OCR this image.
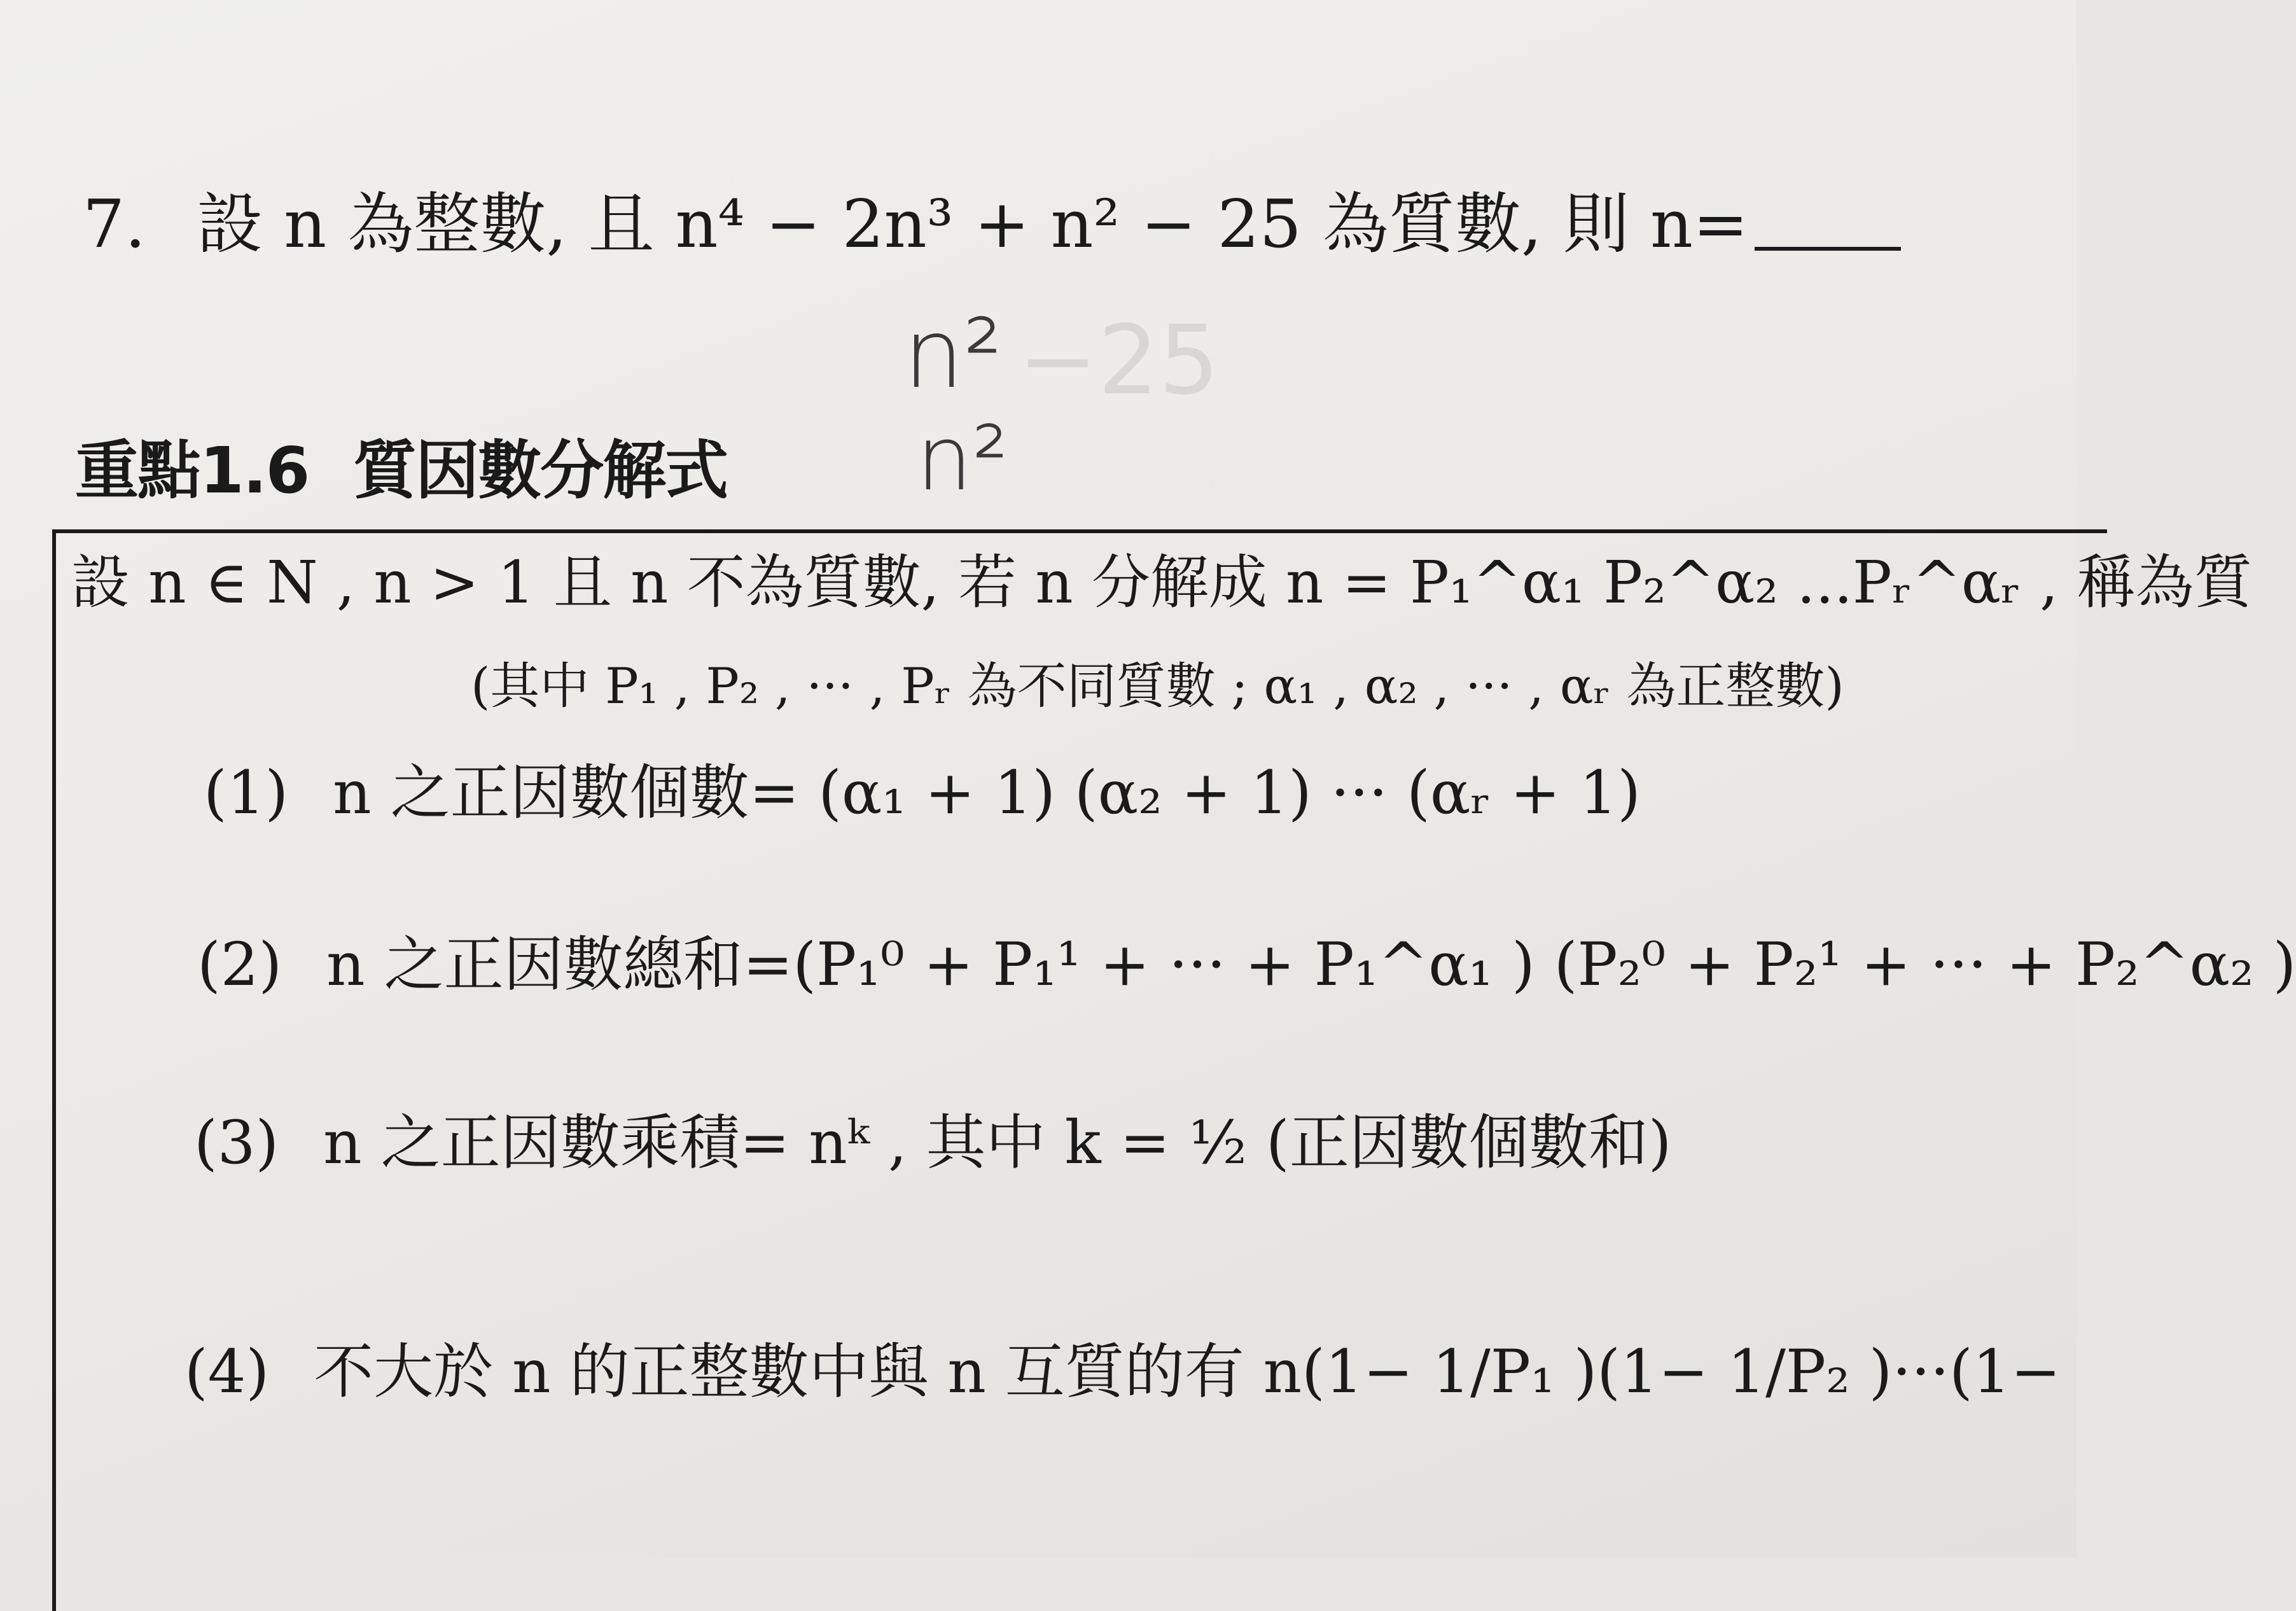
7. 設 n 為整數, 且 n⁴ − 2n³ + n² − 25 為質數, 則 n=
−25
n²
n²
重點1.6 質因數分解式
設 n ∈ N , n > 1 且 n 不為質數, 若 n 分解成 n = P₁^α₁ P₂^α₂ ...Pᵣ^αᵣ , 稱為質
(其中 P₁ , P₂ , ··· , Pᵣ 為不同質數 ; α₁ , α₂ , ··· , αᵣ 為正整數)
(1) n 之正因數個數= (α₁ + 1) (α₂ + 1) ··· (αᵣ + 1)
(2) n 之正因數總和=(P₁⁰ + P₁¹ + ··· + P₁^α₁ ) (P₂⁰ + P₂¹ + ··· + P₂^α₂ )
(3) n 之正因數乘積= nᵏ , 其中 k = ½ (正因數個數和)
(4) 不大於 n 的正整數中與 n 互質的有 n(1− 1/P₁ )(1− 1/P₂ )···(1−
